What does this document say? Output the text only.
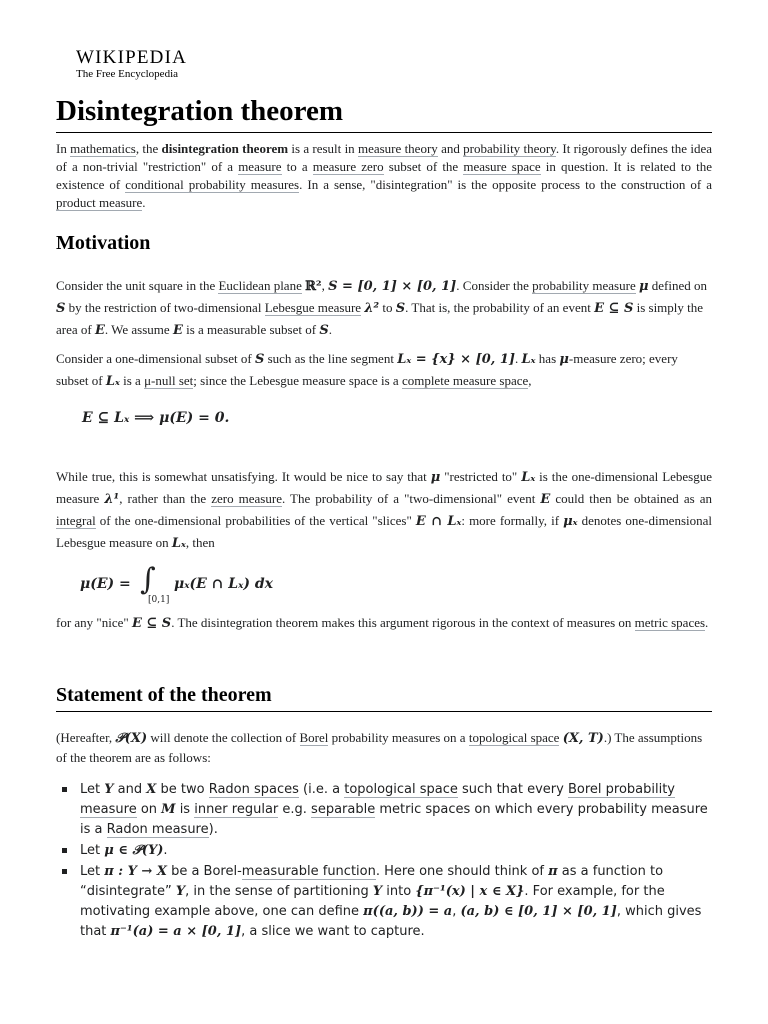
WIKIPEDIA
The Free Encyclopedia
Disintegration theorem
In mathematics, the disintegration theorem is a result in measure theory and probability theory. It rigorously defines the idea of a non-trivial "restriction" of a measure to a measure zero subset of the measure space in question. It is related to the existence of conditional probability measures. In a sense, "disintegration" is the opposite process to the construction of a product measure.
Motivation
Consider the unit square in the Euclidean plane ℝ², S = [0, 1] × [0, 1]. Consider the probability measure μ defined on S by the restriction of two-dimensional Lebesgue measure λ² to S. That is, the probability of an event E ⊆ S is simply the area of E. We assume E is a measurable subset of S.
Consider a one-dimensional subset of S such as the line segment Lₓ = {x} × [0, 1]. Lₓ has μ-measure zero; every subset of Lₓ is a μ-null set; since the Lebesgue measure space is a complete measure space,
E ⊆ Lₓ ⟹ μ(E) = 0.
While true, this is somewhat unsatisfying. It would be nice to say that μ "restricted to" Lₓ is the one-dimensional Lebesgue measure λ¹, rather than the zero measure. The probability of a "two-dimensional" event E could then be obtained as an integral of the one-dimensional probabilities of the vertical "slices" E ∩ Lₓ: more formally, if μₓ denotes one-dimensional Lebesgue measure on Lₓ, then
μ(E) = ∫
[0,1]
μₓ(E ∩ Lₓ) dx
for any "nice" E ⊆ S. The disintegration theorem makes this argument rigorous in the context of measures on metric spaces.
Statement of the theorem
(Hereafter, 𝒫(X) will denote the collection of Borel probability measures on a topological space (X, T).) The assumptions of the theorem are as follows:
Let Y and X be two Radon spaces (i.e. a topological space such that every Borel probability measure on M is inner regular e.g. separable metric spaces on which every probability measure is a Radon measure).
Let μ ∈ 𝒫(Y).
Let π : Y → X be a Borel-measurable function. Here one should think of π as a function to “disintegrate” Y, in the sense of partitioning Y into {π⁻¹(x) | x ∈ X}. For example, for the motivating example above, one can define π((a, b)) = a, (a, b) ∈ [0, 1] × [0, 1], which gives that π⁻¹(a) = a × [0, 1], a slice we want to capture.
